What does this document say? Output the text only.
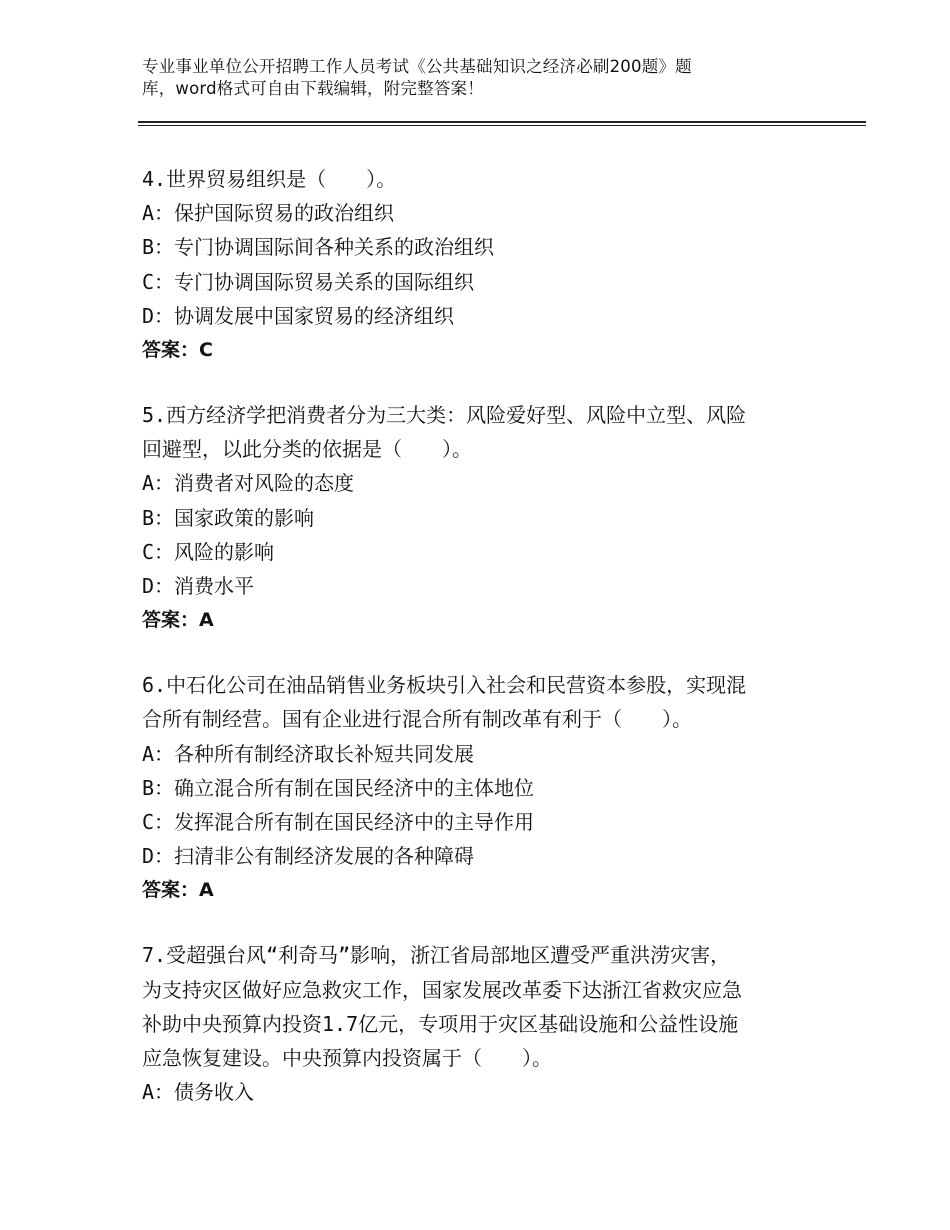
专业事业单位公开招聘工作人员考试《公共基础知识之经济必刷200题》题
库，word格式可自由下载编辑，附完整答案！
4.世界贸易组织是（　　）。
A：保护国际贸易的政治组织
B：专门协调国际间各种关系的政治组织
C：专门协调国际贸易关系的国际组织
D：协调发展中国家贸易的经济组织
答案：C
5.西方经济学把消费者分为三大类：风险爱好型、风险中立型、风险
回避型，以此分类的依据是（　　）。
A：消费者对风险的态度
B：国家政策的影响
C：风险的影响
D：消费水平
答案：A
6.中石化公司在油品销售业务板块引入社会和民营资本参股，实现混
合所有制经营。国有企业进行混合所有制改革有利于（　　）。
A：各种所有制经济取长补短共同发展
B：确立混合所有制在国民经济中的主体地位
C：发挥混合所有制在国民经济中的主导作用
D：扫清非公有制经济发展的各种障碍
答案：A
7.受超强台风“利奇马”影响，浙江省局部地区遭受严重洪涝灾害，
为支持灾区做好应急救灾工作，国家发展改革委下达浙江省救灾应急
补助中央预算内投资1.7亿元，专项用于灾区基础设施和公益性设施
应急恢复建设。中央预算内投资属于（　　）。
A：债务收入
